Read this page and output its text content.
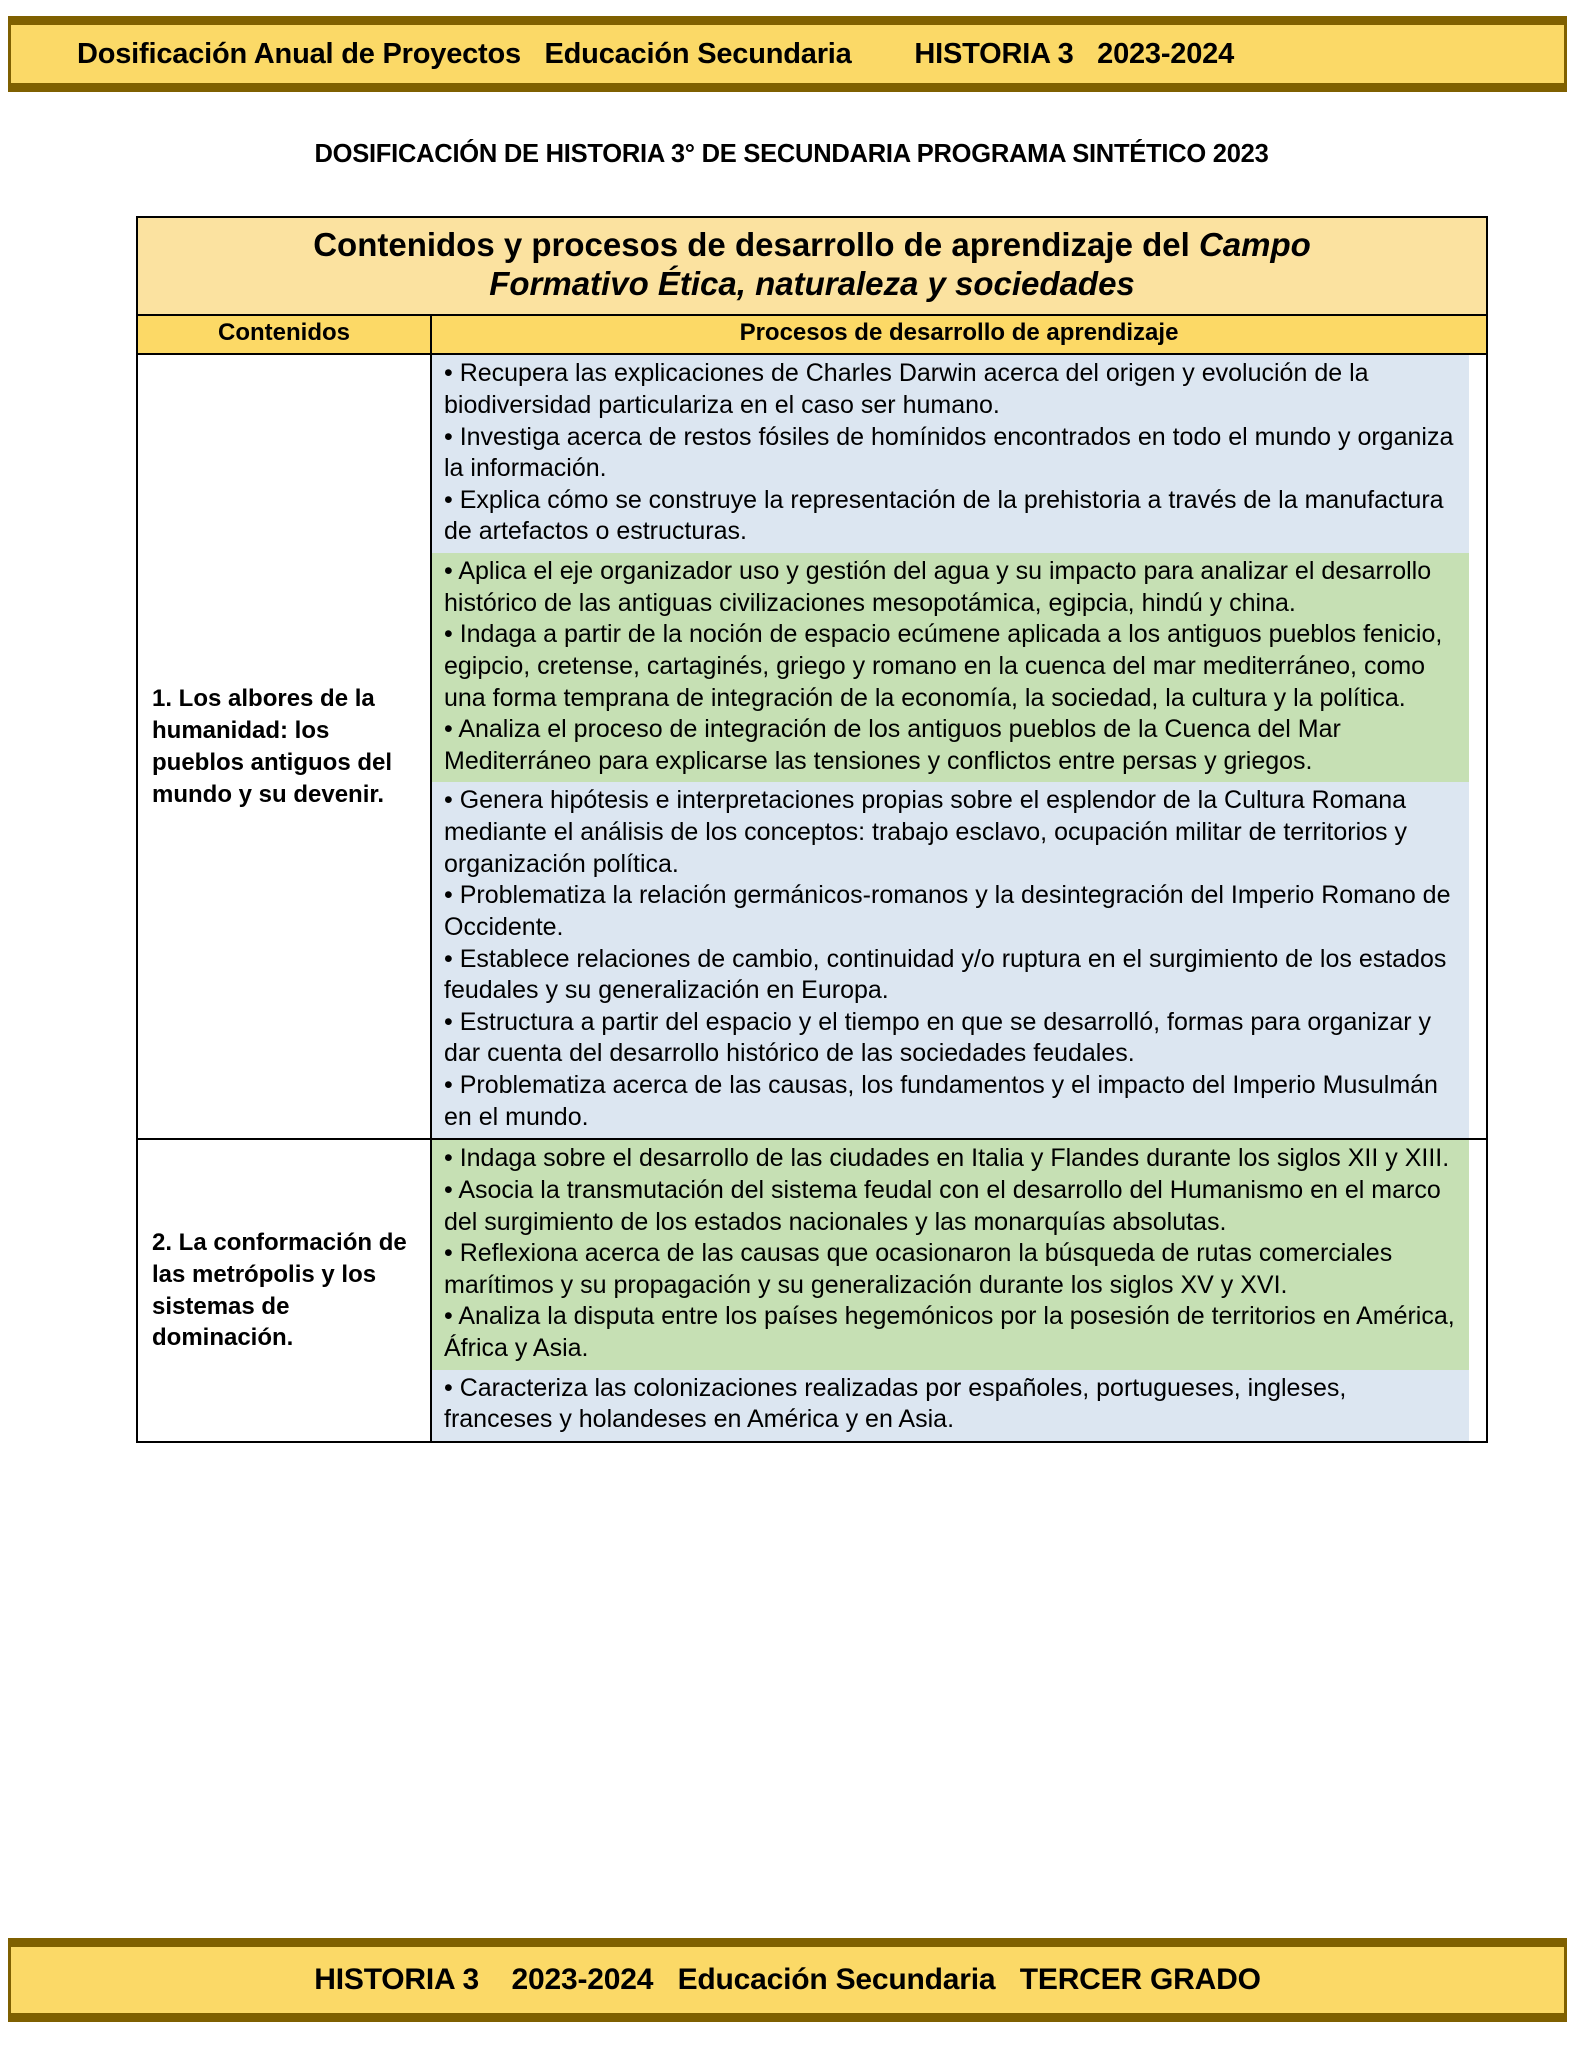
Dosificación Anual de Proyectos   Educación Secundaria        HISTORIA 3   2023-2024
DOSIFICACIÓN DE HISTORIA 3° DE SECUNDARIA PROGRAMA SINTÉTICO 2023
Contenidos y procesos de desarrollo de aprendizaje del Campo
Formativo Ética, naturaleza y sociedades
Contenidos	Procesos de desarrollo de aprendizaje
1. Los albores de la humanidad: los pueblos antiguos del mundo y su devenir.
• Recupera las explicaciones de Charles Darwin acerca del origen y evolución de la biodiversidad particulariza en el caso ser humano.
• Investiga acerca de restos fósiles de homínidos encontrados en todo el mundo y organiza la información.
• Explica cómo se construye la representación de la prehistoria a través de la manufactura de artefactos o estructuras.
• Aplica el eje organizador uso y gestión del agua y su impacto para analizar el desarrollo histórico de las antiguas civilizaciones mesopotámica, egipcia, hindú y china.
• Indaga a partir de la noción de espacio ecúmene aplicada a los antiguos pueblos fenicio, egipcio, cretense, cartaginés, griego y romano en la cuenca del mar mediterráneo, como
una forma temprana de integración de la economía, la sociedad, la cultura y la política.
• Analiza el proceso de integración de los antiguos pueblos de la Cuenca del Mar Mediterráneo para explicarse las tensiones y conflictos entre persas y griegos.
• Genera hipótesis e interpretaciones propias sobre el esplendor de la Cultura Romana mediante el análisis de los conceptos: trabajo esclavo, ocupación militar de territorios y organización política.
• Problematiza la relación germánicos-romanos y la desintegración del Imperio Romano de Occidente.
• Establece relaciones de cambio, continuidad y/o ruptura en el surgimiento de los estados feudales y su generalización en Europa.
• Estructura a partir del espacio y el tiempo en que se desarrolló, formas para organizar y dar cuenta del desarrollo histórico de las sociedades feudales.
• Problematiza acerca de las causas, los fundamentos y el impacto del Imperio Musulmán en el mundo.
2. La conformación de las metrópolis y los sistemas de dominación.
• Indaga sobre el desarrollo de las ciudades en Italia y Flandes durante los siglos XII y XIII.
• Asocia la transmutación del sistema feudal con el desarrollo del Humanismo en el marco del surgimiento de los estados nacionales y las monarquías absolutas.
• Reflexiona acerca de las causas que ocasionaron la búsqueda de rutas comerciales marítimos y su propagación y su generalización durante los siglos XV y XVI.
• Analiza la disputa entre los países hegemónicos por la posesión de territorios en América, África y Asia.
• Caracteriza las colonizaciones realizadas por españoles, portugueses, ingleses, franceses y holandeses en América y en Asia.
HISTORIA 3    2023-2024   Educación Secundaria   TERCER GRADO
